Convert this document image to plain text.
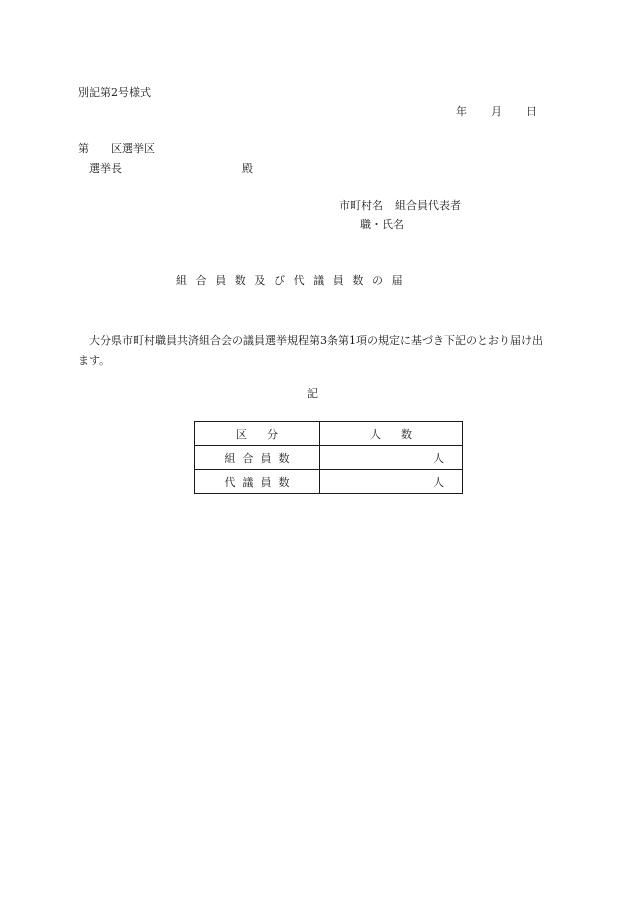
別記第2号様式
年 月 日
第 区選挙区
選挙長	殿
市町村名 組合員代表者
職・氏名
組合員数及び代議員数の届
大分県市町村職員共済組合会の議員選挙規程第3条第1項の規定に基づき下記のとおり届け出ます。
記
区分	人数
組合員数	人
代議員数	人
